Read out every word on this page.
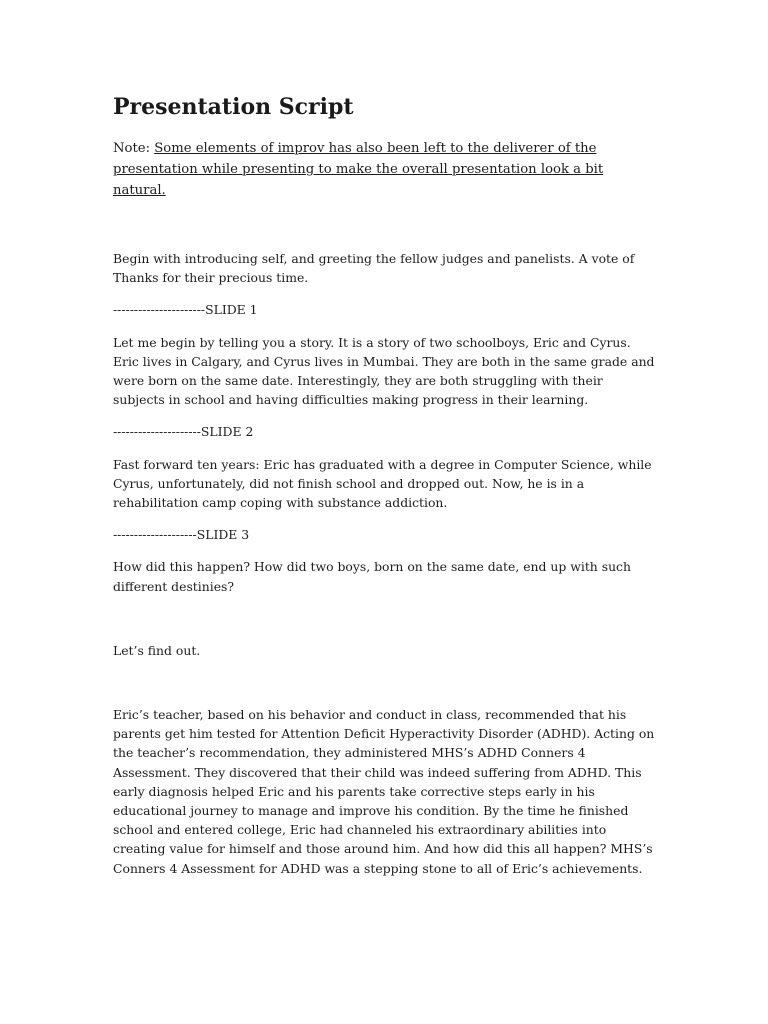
Presentation Script
Note: Some elements of improv has also been left to the deliverer of the presentation while presenting to make the overall presentation look a bit natural.

Begin with introducing self, and greeting the fellow judges and panelists. A vote of Thanks for their precious time.

----------------------SLIDE 1

Let me begin by telling you a story. It is a story of two schoolboys, Eric and Cyrus. Eric lives in Calgary, and Cyrus lives in Mumbai. They are both in the same grade and were born on the same date. Interestingly, they are both struggling with their subjects in school and having difficulties making progress in their learning.

---------------------SLIDE 2

Fast forward ten years: Eric has graduated with a degree in Computer Science, while Cyrus, unfortunately, did not finish school and dropped out. Now, he is in a rehabilitation camp coping with substance addiction.

--------------------SLIDE 3

How did this happen? How did two boys, born on the same date, end up with such different destinies?

Let’s find out.

Eric’s teacher, based on his behavior and conduct in class, recommended that his parents get him tested for Attention Deficit Hyperactivity Disorder (ADHD). Acting on the teacher’s recommendation, they administered MHS’s ADHD Conners 4 Assessment. They discovered that their child was indeed suffering from ADHD. This early diagnosis helped Eric and his parents take corrective steps early in his educational journey to manage and improve his condition. By the time he finished school and entered college, Eric had channeled his extraordinary abilities into creating value for himself and those around him. And how did this all happen? MHS’s Conners 4 Assessment for ADHD was a stepping stone to all of Eric’s achievements.
